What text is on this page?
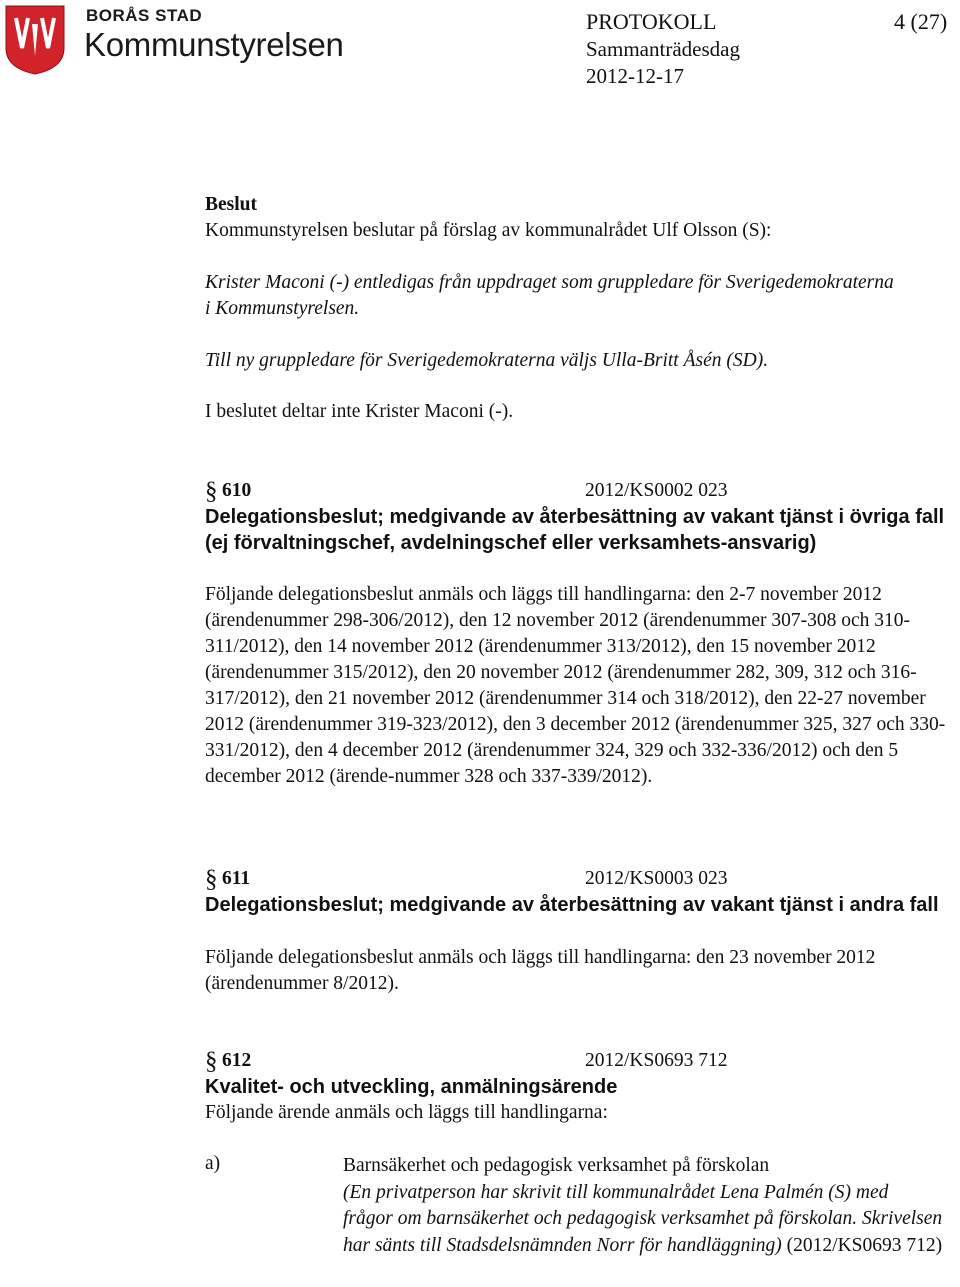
BORÅS STAD
Kommunstyrelsen
PROTOKOLL	4 (27)
Sammanträdesdag
2012-12-17
Beslut
Kommunstyrelsen beslutar på förslag av kommunalrådet Ulf Olsson (S):
Krister Maconi (-) entledigas från uppdraget som gruppledare för Sverigedemokraterna i Kommunstyrelsen.
Till ny gruppledare för Sverigedemokraterna väljs Ulla-Britt Åsén (SD).
I beslutet deltar inte Krister Maconi (-).
§ 610	2012/KS0002 023
Delegationsbeslut; medgivande av återbesättning av vakant tjänst i övriga fall (ej förvaltningschef, avdelningschef eller verksamhets-ansvarig)
Följande delegationsbeslut anmäls och läggs till handlingarna: den 2-7 november 2012 (ärendenummer 298-306/2012), den 12 november 2012 (ärendenummer 307-308 och 310-311/2012), den 14 november 2012 (ärendenummer 313/2012), den 15 november 2012 (ärendenummer 315/2012), den 20 november 2012 (ärendenummer 282, 309, 312 och 316-317/2012), den 21 november 2012 (ärendenummer 314 och 318/2012), den 22-27 november 2012 (ärendenummer 319-323/2012), den 3 december 2012 (ärendenummer 325, 327 och 330-331/2012), den 4 december 2012 (ärendenummer 324, 329 och 332-336/2012) och den 5 december 2012 (ärende-nummer 328 och 337-339/2012).
§ 611	2012/KS0003 023
Delegationsbeslut; medgivande av återbesättning av vakant tjänst i andra fall
Följande delegationsbeslut anmäls och läggs till handlingarna: den 23 november 2012 (ärendenummer 8/2012).
§ 612	2012/KS0693 712
Kvalitet- och utveckling, anmälningsärende
Följande ärende anmäls och läggs till handlingarna:
a)	Barnsäkerhet och pedagogisk verksamhet på förskolan
(En privatperson har skrivit till kommunalrådet Lena Palmén (S) med frågor om barnsäkerhet och pedagogisk verksamhet på förskolan. Skrivelsen har sänts till Stadsdelsnämnden Norr för handläggning) (2012/KS0693 712)
